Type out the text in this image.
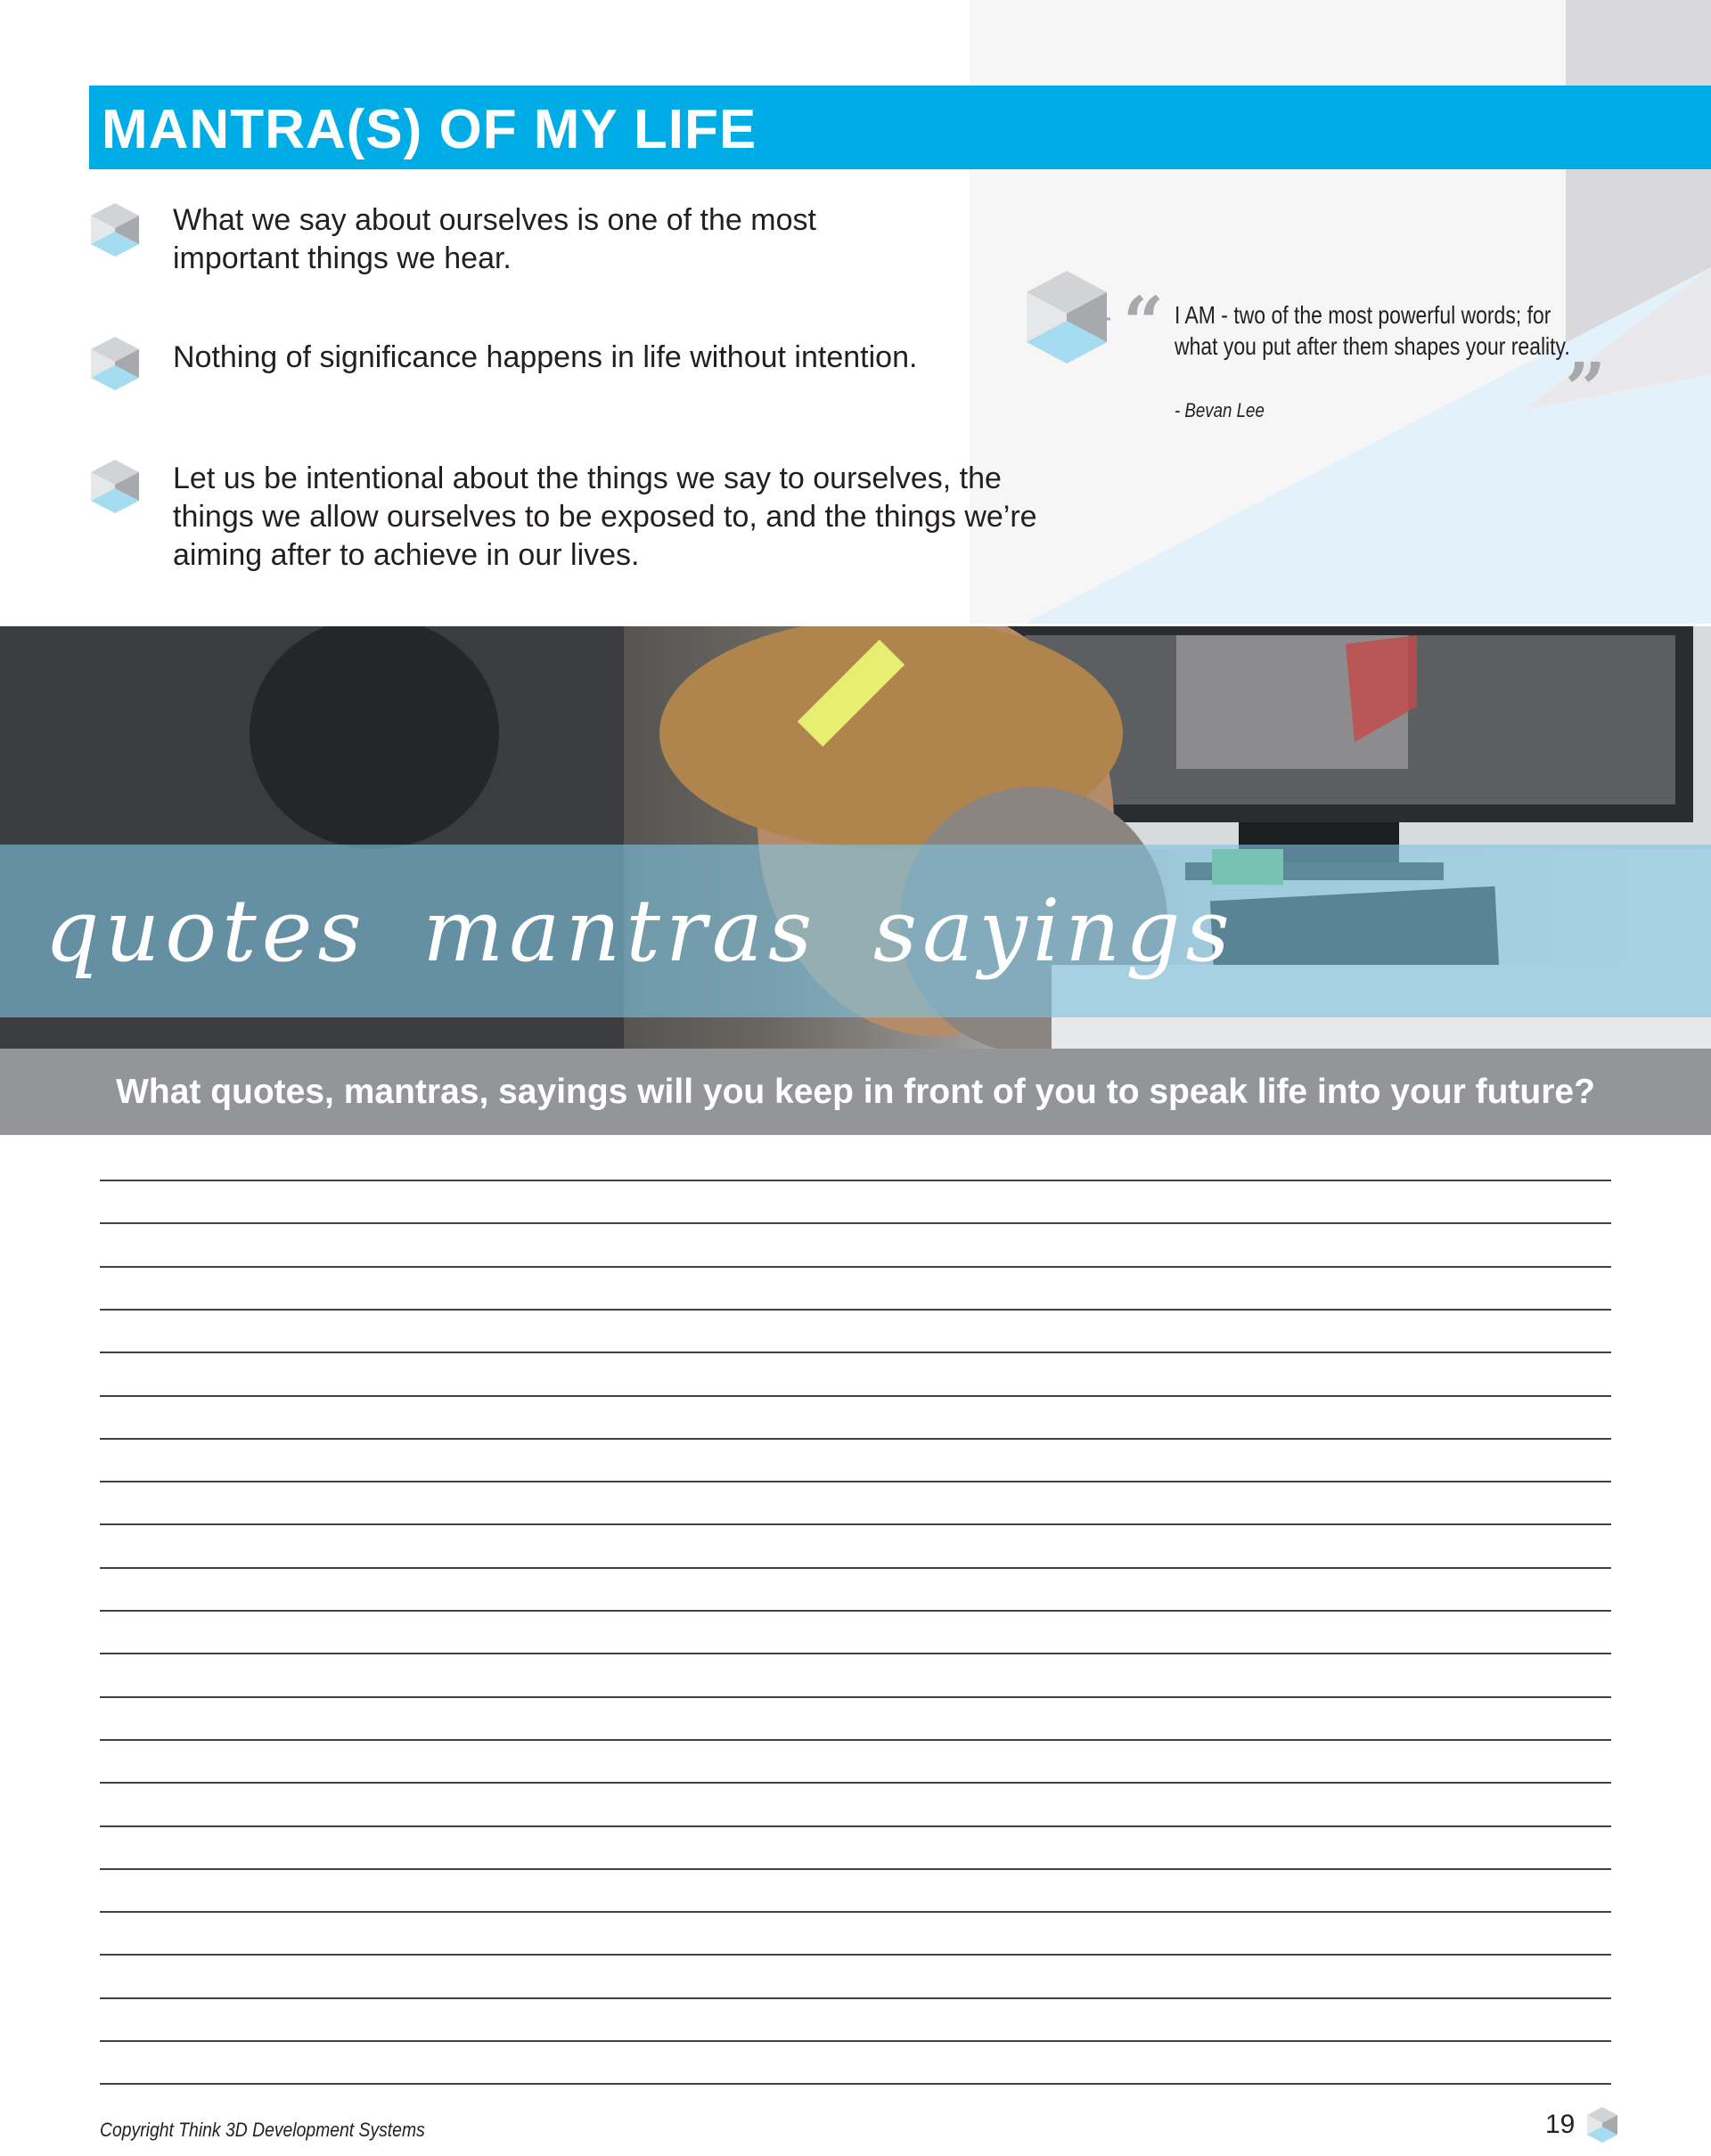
MANTRA(S) OF MY LIFE
What we say about ourselves is one of the most important things we hear.
Nothing of significance happens in life without intention.
Let us be intentional about the things we say to ourselves, the things we allow ourselves to be exposed to, and the things we’re aiming after to achieve in our lives.
“ I AM - two of the most powerful words; for what you put after them shapes your reality.
”
- Bevan Lee
quotes mantras sayings
What quotes, mantras, sayings will you keep in front of you to speak life into your future?
Copyright Think 3D Development Systems	19
